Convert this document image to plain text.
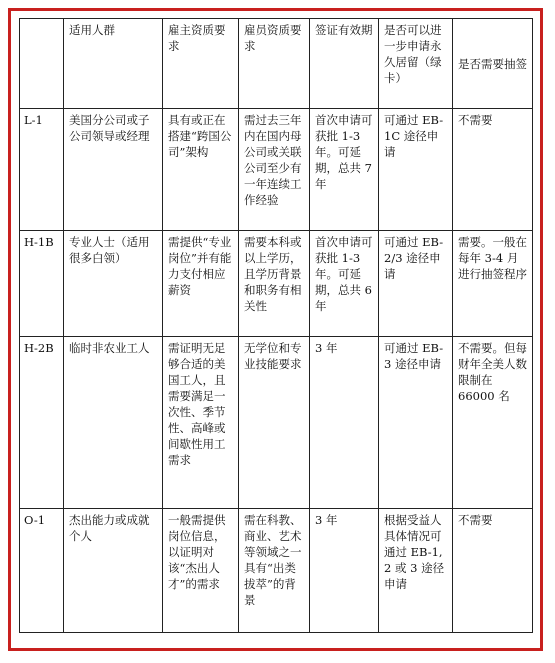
	适用人群	雇主资质要求	雇员资质要求	签证有效期	是否可以进一步申请永久居留（绿卡）	是否需要抽签
L-1	美国分公司或子公司领导或经理	具有或正在搭建“跨国公司”架构	需过去三年内在国内母公司或关联公司至少有一年连续工作经验	首次申请可获批 1-3 年。可延期，总共 7 年	可通过 EB-1C 途径申请	不需要
H-1B	专业人士（适用很多白领）	需提供“专业岗位”并有能力支付相应薪资	需要本科或以上学历，且学历背景和职务有相关性	首次申请可获批 1-3 年。可延期，总共 6 年	可通过 EB-2/3 途径申请	需要。一般在每年 3-4 月进行抽签程序
H-2B	临时非农业工人	需证明无足够合适的美国工人，且需要满足一次性、季节性、高峰或间歇性用工需求	无学位和专业技能要求	3 年	可通过 EB-3 途径申请	不需要。但每财年全美人数限制在 66000 名
O-1	杰出能力或成就个人	一般需提供岗位信息，以证明对该“杰出人才”的需求	需在科教、商业、艺术等领域之一具有“出类拔萃”的背景	3 年	根据受益人具体情况可通过 EB-1, 2 或 3 途径申请	不需要
